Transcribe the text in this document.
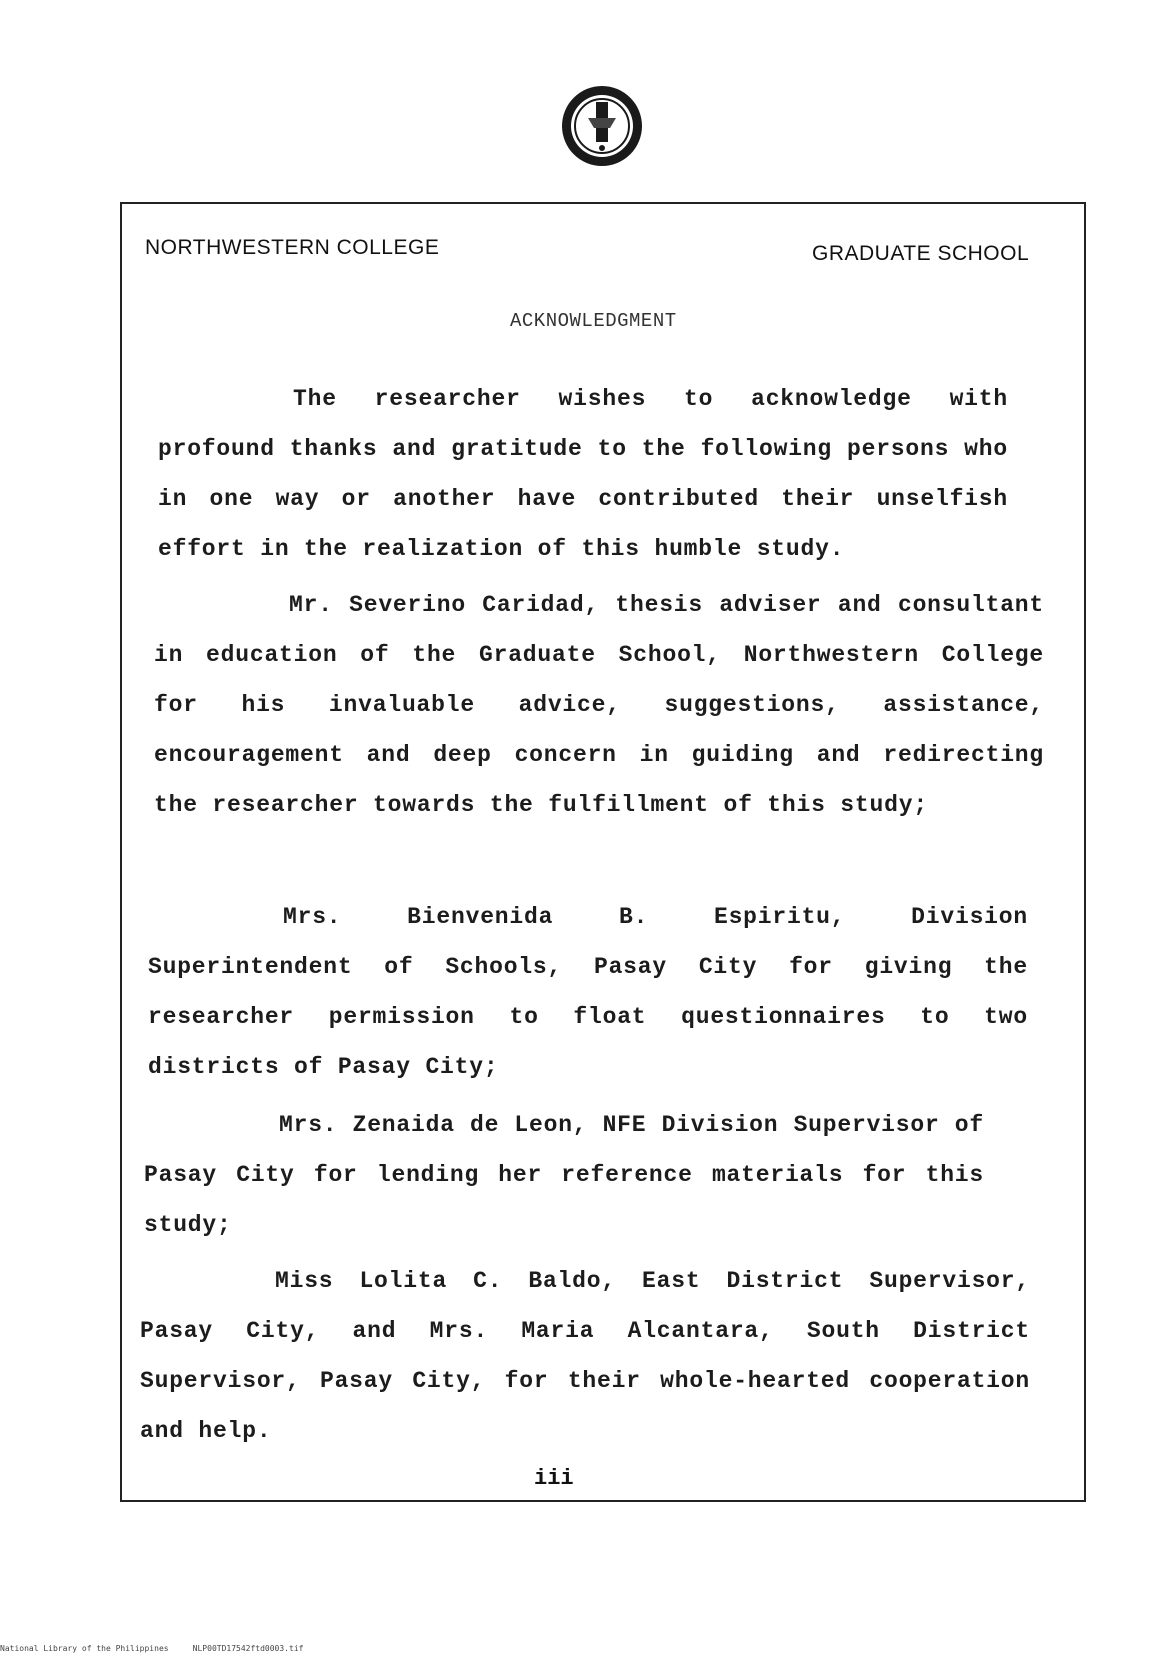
NORTHWESTERN COLLEGE	GRADUATE SCHOOL
ACKNOWLEDGMENT

The researcher wishes to acknowledge with profound thanks and gratitude to the following persons who in one way or another have contributed their unselfish effort in the realization of this humble study.

Mr. Severino Caridad, thesis adviser and consultant in education of the Graduate School, Northwestern College for his invaluable advice, suggestions, assistance, encouragement and deep concern in guiding and redirecting the researcher towards the fulfillment of this study;

Mrs. Bienvenida B. Espiritu, Division Superintendent of Schools, Pasay City for giving the researcher permission to float questionnaires to two districts of Pasay City;

Mrs. Zenaida de Leon, NFE Division Supervisor of Pasay City for lending her reference materials for this study;

Miss Lolita C. Baldo, East District Supervisor, Pasay City, and Mrs. Maria Alcantara, South District Supervisor, Pasay City, for their whole-hearted cooperation and help.

iii
National Library of the Philippines	NLP00TD17542ftd0003.tif
